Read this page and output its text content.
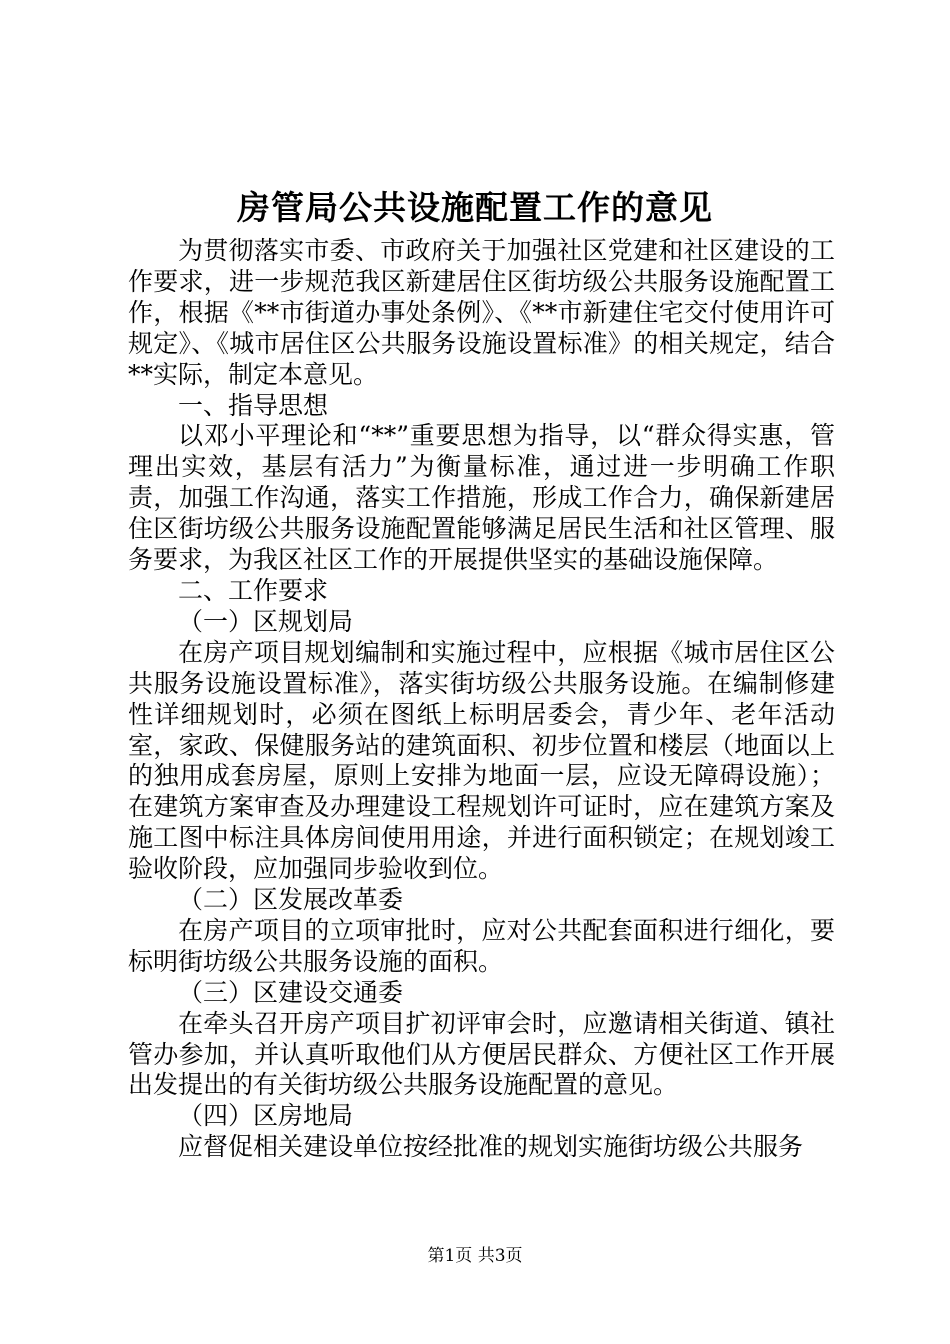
房管局公共设施配置工作的意见

为贯彻落实市委、市政府关于加强社区党建和社区建设的工作要求，进一步规范我区新建居住区街坊级公共服务设施配置工作，根据《**市街道办事处条例》、《**市新建住宅交付使用许可规定》、《城市居住区公共服务设施设置标准》的相关规定，结合**实际，制定本意见。

一、指导思想

以邓小平理论和“**”重要思想为指导，以“群众得实惠，管理出实效，基层有活力”为衡量标准，通过进一步明确工作职责，加强工作沟通，落实工作措施，形成工作合力，确保新建居住区街坊级公共服务设施配置能够满足居民生活和社区管理、服务要求，为我区社区工作的开展提供坚实的基础设施保障。

二、工作要求

（一）区规划局

在房产项目规划编制和实施过程中，应根据《城市居住区公共服务设施设置标准》，落实街坊级公共服务设施。在编制修建性详细规划时，必须在图纸上标明居委会，青少年、老年活动室，家政、保健服务站的建筑面积、初步位置和楼层（地面以上的独用成套房屋，原则上安排为地面一层，应设无障碍设施）；在建筑方案审查及办理建设工程规划许可证时，应在建筑方案及施工图中标注具体房间使用用途，并进行面积锁定；在规划竣工验收阶段，应加强同步验收到位。

（二）区发展改革委

在房产项目的立项审批时，应对公共配套面积进行细化，要标明街坊级公共服务设施的面积。

（三）区建设交通委

在牵头召开房产项目扩初评审会时，应邀请相关街道、镇社管办参加，并认真听取他们从方便居民群众、方便社区工作开展出发提出的有关街坊级公共服务设施配置的意见。

（四）区房地局

应督促相关建设单位按经批准的规划实施街坊级公共服务

第1页 共3页
